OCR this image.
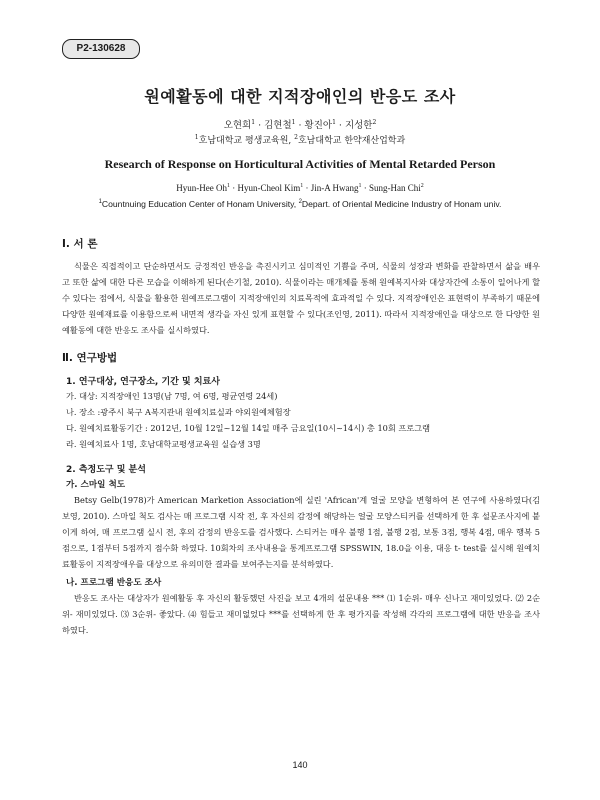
P2-130628
원예활동에 대한 지적장애인의 반응도 조사
오현희$^1$ · 김현철$^1$ · 황진아$^1$ · 지성한$^2$
$^1$호남대학교 평생교육원, $^2$호남대학교 한약재산업학과
Research of Response on Horticultural Activities of Mental Retarded Person
Hyun-Hee $Oh^1$ · Hyun-Cheol Kim$^1$ · Jin-A Hwang$^1$ · Sung-Han Chi$^2$
$^1$Countnuing Education Center of Honam University, $^2$Depart. of Oriental Medicine Industry of Honam univ.
Ⅰ. 서 론

식물은 직접적이고 단순하면서도 긍정적인 반응을 촉진시키고 심미적인 기쁨을 주며, 식물의 성장과 변화를 관찰하면서 삶을 배우고 또한 삶에 대한 다른 모습을 이해하게 된다(손기철, 2010). 식물이라는 매개체를 통해 원예복지사와 대상자간에 소통이 일어나게 할 수 있다는 점에서, 식물을 활용한 원예프로그램이 지적장애인의 치료목적에 효과적일 수 있다. 지적장애인은 표현력이 부족하기 때문에 다양한 원예재료를 이용함으로써 내면적 생각을 자신 있게 표현할 수 있다(조인영, 2011). 따라서 지적장애인을 대상으로 한 다양한 원예활동에 대한 반응도 조사를 실시하였다.

Ⅱ. 연구방법
1. 연구대상, 연구장소, 기간 및 치료사
가. 대상: 지적장애인 13명(남 7명, 여 6명, 평균연령 24세)
나. 장소 :광주시 북구 A복지관내 원예치료실과 야외원예체험장
다. 원예치료활동기간 : 2012년, 10월 12일~12월 14일 매주 금요일(10시~14시) 총 10회 프로그램
라. 원예치료사 1명, 호남대학교평생교육원 실습생 3명
2. 측정도구 및 분석
가. 스마일 척도

Betsy Gelb(1978)가 American Marketion Association에 실린 'African'계 얼굴 모양을 변형하여 본 연구에 사용하였다(김보영, 2010). 스마일 척도 검사는 매 프로그램 시작 전, 후 자신의 감정에 해당하는 얼굴 모양스티커를 선택하게 한 후 설문조사지에 붙이게 하여, 매 프로그램 실시 전, 후의 감정의 반응도를 검사했다. 스티커는 매우 불행 1점, 불행 2점, 보통 3점, 행복 4점, 매우 행복 5점으로, 1점부터 5점까지 점수화 하였다. 10회차의 조사내용을 통계프로그램 SPSSWIN, 18.0을 이용, 대응 t- test를 실시해 원예치료활동이 지적장애우를 대상으로 유의미한 결과를 보여주는지를 분석하였다.

나. 프로그램 반응도 조사

반응도 조사는 대상자가 원예활동 후 자신의 활동했던 사진을 보고 4개의 설문내용 *** ⑴ 1순위- 매우 신나고 재미있었다. ⑵ 2순위- 재미있었다. ⑶ 3순위- 좋았다. ⑷ 힘들고 재미없었다 ***를 선택하게 한 후 평가지를 작성해 각각의 프로그램에 대한 반응을 조사하였다.

140
